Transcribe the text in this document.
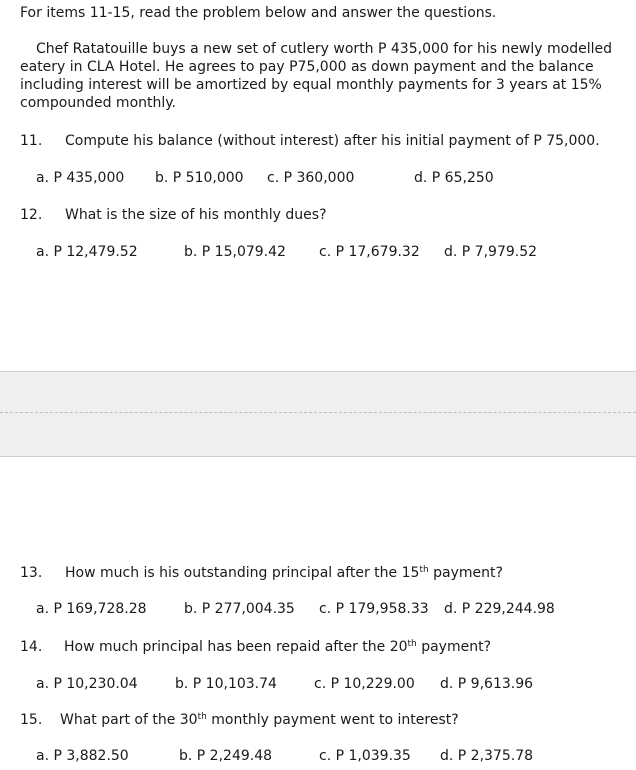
For items 11-15, read the problem below and answer the questions.
Chef Ratatouille buys a new set of cutlery worth P 435,000 for his newly modelled eatery in CLA Hotel. He agrees to pay P75,000 as down payment and the balance including interest will be amortized by equal monthly payments for 3 years at 15% compounded monthly.
11. Compute his balance (without interest) after his initial payment of P 75,000.
a. P 435,000 b. P 510,000 c. P 360,000	d. P 65,250
12. What is the size of his monthly dues?
a. P 12,479.52	b. P 15,079.42 c. P 17,679.32 d. P 7,979.52
13. How much is his outstanding principal after the 15th payment?
a. P 169,728.28	b. P 277,004.35 c. P 179,958.33 d. P 229,244.98
14. How much principal has been repaid after the 20th payment?
a. P 10,230.04	b. P 10,103.74	c. P 10,229.00 d. P 9,613.96
15. What part of the 30th monthly payment went to interest?
a. P 3,882.50	b. P 2,249.48	c. P 1,039.35 d. P 2,375.78
